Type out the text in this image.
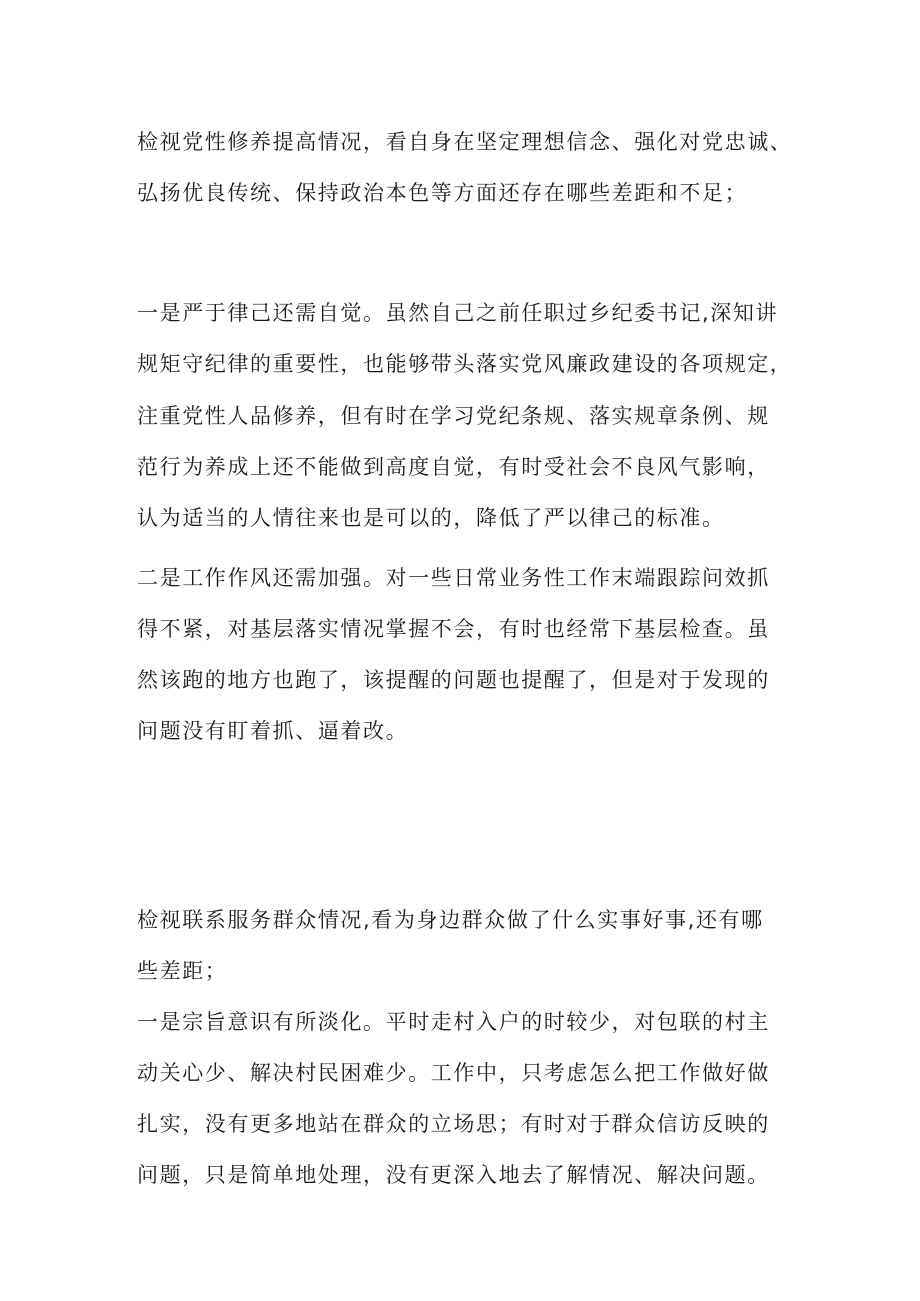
检视党性修养提高情况，看自身在坚定理想信念、强化对党忠诚、
弘扬优良传统、保持政治本色等方面还存在哪些差距和不足；
一是严于律己还需自觉。虽然自己之前任职过乡纪委书记,深知讲
规矩守纪律的重要性，也能够带头落实党风廉政建设的各项规定，
注重党性人品修养，但有时在学习党纪条规、落实规章条例、规
范行为养成上还不能做到高度自觉，有时受社会不良风气影响，
认为适当的人情往来也是可以的，降低了严以律己的标准。
二是工作作风还需加强。对一些日常业务性工作末端跟踪问效抓
得不紧，对基层落实情况掌握不会，有时也经常下基层检查。虽
然该跑的地方也跑了，该提醒的问题也提醒了，但是对于发现的
问题没有盯着抓、逼着改。
检视联系服务群众情况,看为身边群众做了什么实事好事,还有哪
些差距；
一是宗旨意识有所淡化。平时走村入户的时较少，对包联的村主
动关心少、解决村民困难少。工作中，只考虑怎么把工作做好做
扎实，没有更多地站在群众的立场思；有时对于群众信访反映的
问题，只是简单地处理，没有更深入地去了解情况、解决问题。
